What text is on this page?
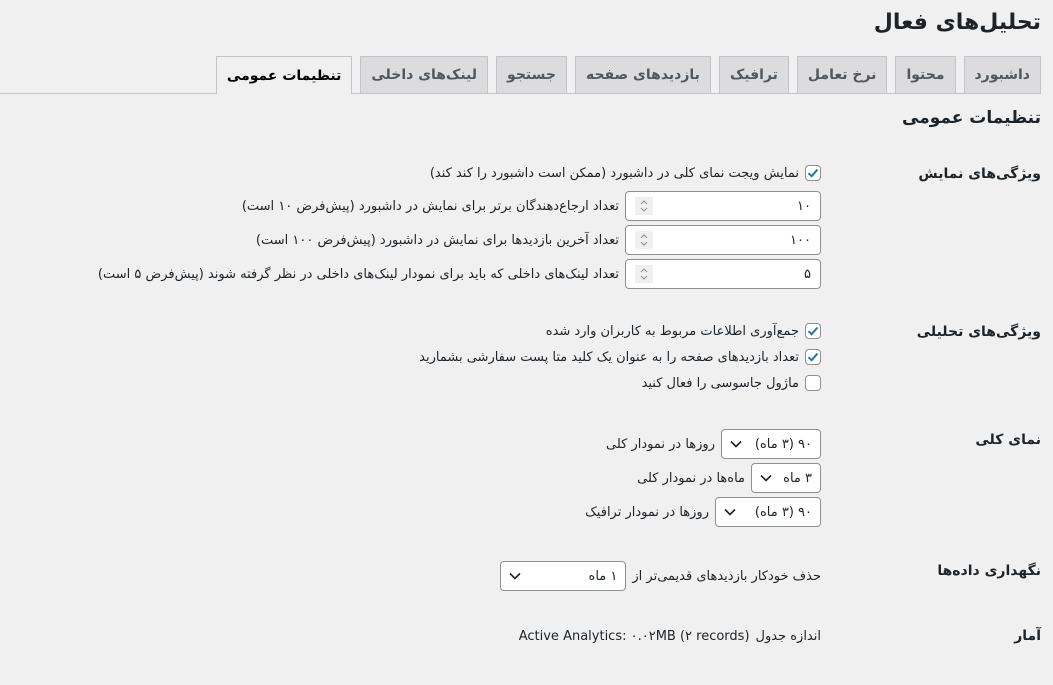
تحلیل‌های فعال
داشبورد
محتوا
نرخ تعامل
ترافیک
بازدیدهای صفحه
جستجو
لینک‌های داخلی
تنظیمات عمومی
تنظیمات عمومی
ویژگی‌های نمایش
نمایش ویجت نمای کلی در داشبورد (ممکن است داشبورد را کند کند)
۱۰
تعداد ارجاع‌دهندگان برتر برای نمایش در داشبورد (پیش‌فرض ۱۰ است)
۱۰۰
تعداد آخرین بازدیدها برای نمایش در داشبورد (پیش‌فرض ۱۰۰ است)
۵
تعداد لینک‌های داخلی که باید برای نمودار لینک‌های داخلی در نظر گرفته شوند (پیش‌فرض ۵ است)
ویژگی‌های تحلیلی
جمع‌آوری اطلاعات مربوط به کاربران وارد شده
تعداد بازدیدهای صفحه را به عنوان یک کلید متا پست سفارشی بشمارید
ماژول جاسوسی را فعال کنید
نمای کلی
۹۰ (۳ ماه)
روزها در نمودار کلی
۳ ماه
ماه‌ها در نمودار کلی
۹۰ (۳ ماه)
روزها در نمودار ترافیک
نگهداری داده‌ها
حذف خودکار بازدیدهای قدیمی‌تر از
۱ ماه
آمار
اندازه جدول
Active Analytics: ۰.۰۲MB (۲ records)
